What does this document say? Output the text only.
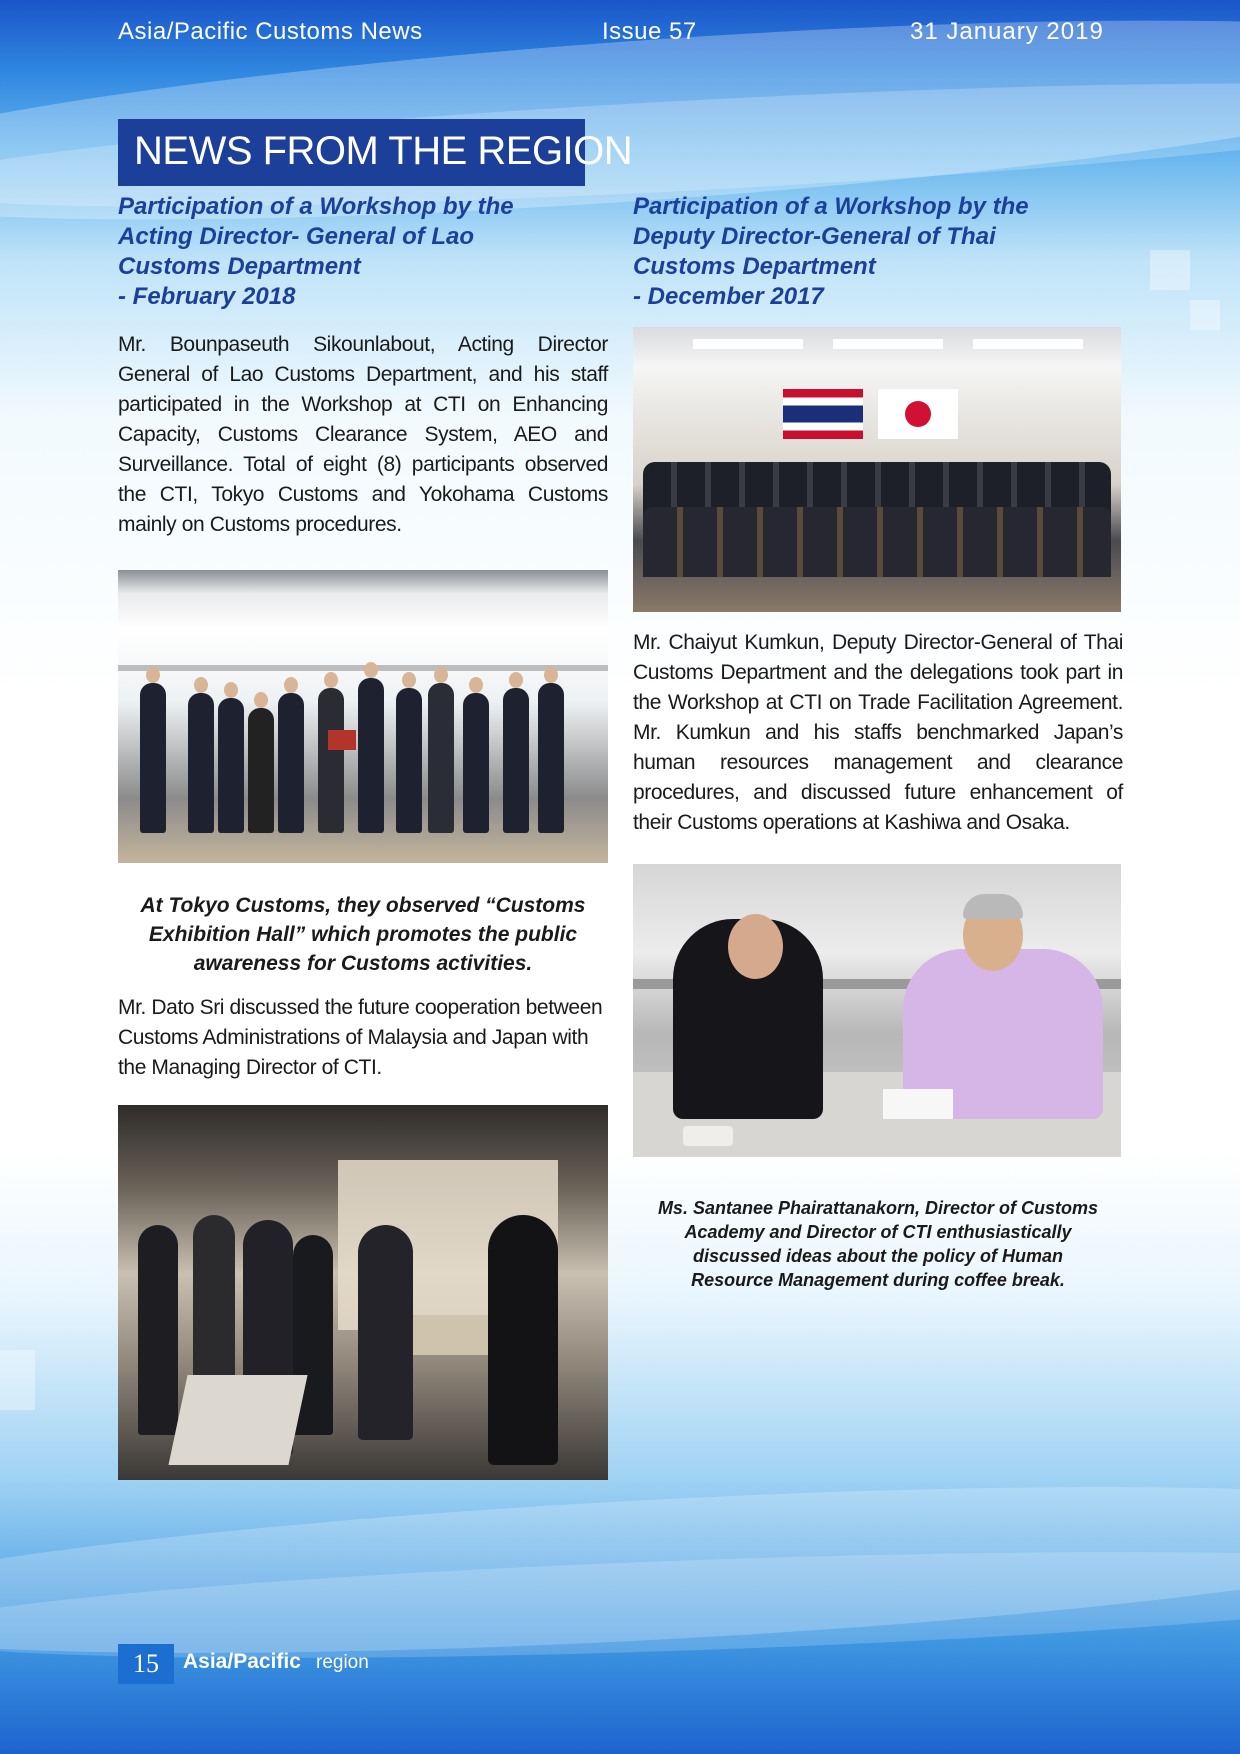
Asia/Pacific Customs News	Issue 57	31 January 2019
NEWS FROM THE REGION
Participation of a Workshop by the
Acting Director- General of Lao
Customs Department
- February 2018

Mr. Bounpaseuth Sikounlabout, Acting Director General of Lao Customs Department, and his staff participated in the Workshop at CTI on Enhancing Capacity, Customs Clearance System, AEO and Surveillance. Total of eight (8) participants observed the CTI, Tokyo Customs and Yokohama Customs mainly on Customs procedures.

At Tokyo Customs, they observed “Customs
Exhibition Hall” which promotes the public
awareness for Customs activities.

Mr. Dato Sri discussed the future cooperation between Customs Administrations of Malaysia and Japan with the Managing Director of CTI.

Participation of a Workshop by the
Deputy Director-General of Thai
Customs Department
- December 2017

Mr. Chaiyut Kumkun, Deputy Director-General of Thai Customs Department and the delegations took part in the Workshop at CTI on Trade Facilitation Agreement. Mr. Kumkun and his staffs benchmarked Japan’s human resources management and clearance procedures, and discussed future enhancement of their Customs operations at Kashiwa and Osaka.

Ms. Santanee Phairattanakorn, Director of Customs
Academy and Director of CTI enthusiastically
discussed ideas about the policy of Human
Resource Management during coffee break.

15	Asia/Pacific region
